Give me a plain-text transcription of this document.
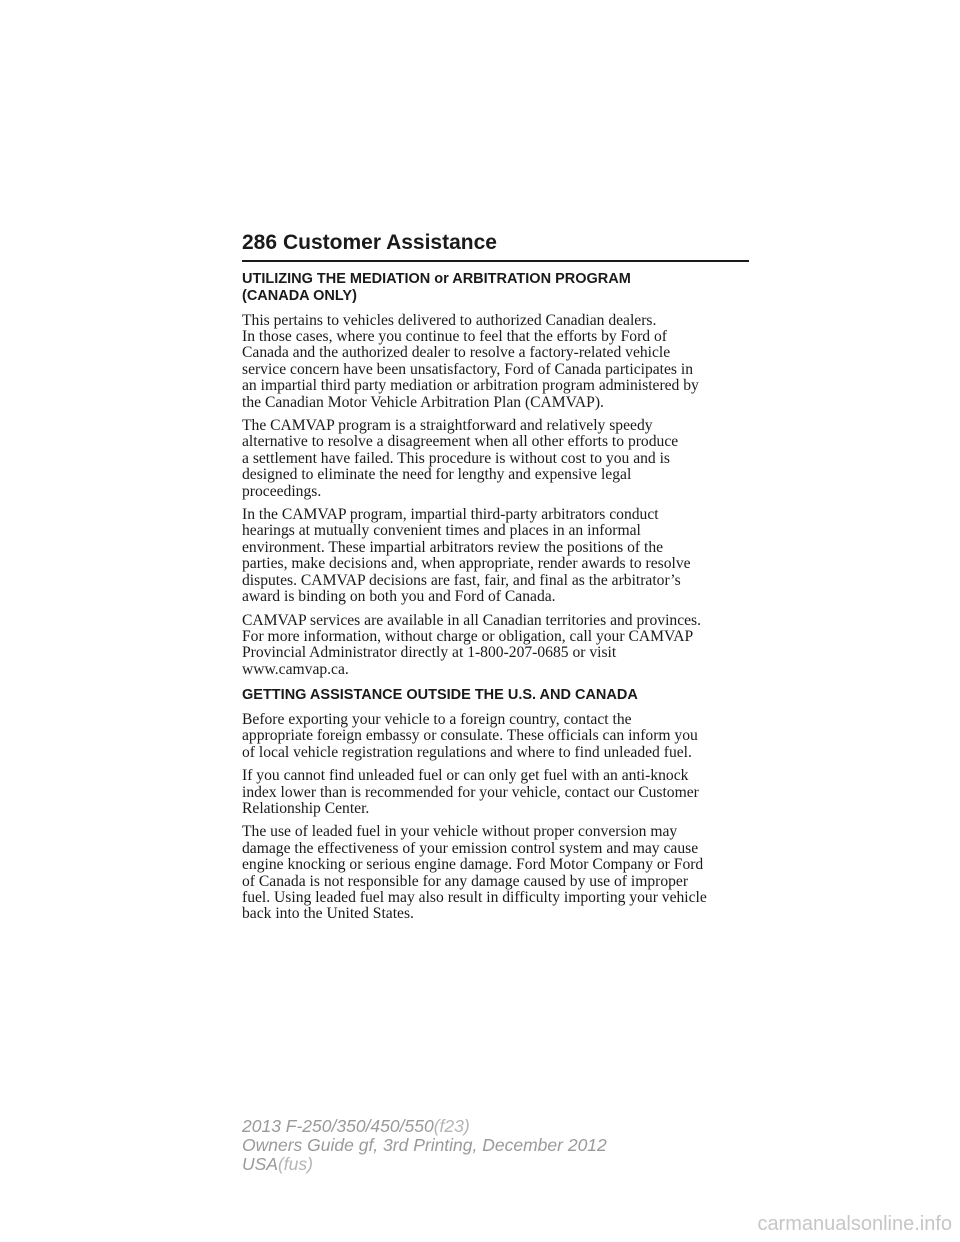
286 Customer Assistance
UTILIZING THE MEDIATION or ARBITRATION PROGRAM
(CANADA ONLY)

This pertains to vehicles delivered to authorized Canadian dealers.

In those cases, where you continue to feel that the efforts by Ford of
Canada and the authorized dealer to resolve a factory-related vehicle
service concern have been unsatisfactory, Ford of Canada participates in
an impartial third party mediation or arbitration program administered by
the Canadian Motor Vehicle Arbitration Plan (CAMVAP).

The CAMVAP program is a straightforward and relatively speedy
alternative to resolve a disagreement when all other efforts to produce
a settlement have failed. This procedure is without cost to you and is
designed to eliminate the need for lengthy and expensive legal
proceedings.

In the CAMVAP program, impartial third-party arbitrators conduct
hearings at mutually convenient times and places in an informal
environment. These impartial arbitrators review the positions of the
parties, make decisions and, when appropriate, render awards to resolve
disputes. CAMVAP decisions are fast, fair, and final as the arbitrator’s
award is binding on both you and Ford of Canada.

CAMVAP services are available in all Canadian territories and provinces.
For more information, without charge or obligation, call your CAMVAP
Provincial Administrator directly at 1-800-207-0685 or visit
www.camvap.ca.

GETTING ASSISTANCE OUTSIDE THE U.S. AND CANADA

Before exporting your vehicle to a foreign country, contact the
appropriate foreign embassy or consulate. These officials can inform you
of local vehicle registration regulations and where to find unleaded fuel.

If you cannot find unleaded fuel or can only get fuel with an anti-knock
index lower than is recommended for your vehicle, contact our Customer
Relationship Center.

The use of leaded fuel in your vehicle without proper conversion may
damage the effectiveness of your emission control system and may cause
engine knocking or serious engine damage. Ford Motor Company or Ford
of Canada is not responsible for any damage caused by use of improper
fuel. Using leaded fuel may also result in difficulty importing your vehicle
back into the United States.

2013 F-250/350/450/550(f23)
Owners Guide gf, 3rd Printing, December 2012
USA(fus)
carmanualsonline.info
